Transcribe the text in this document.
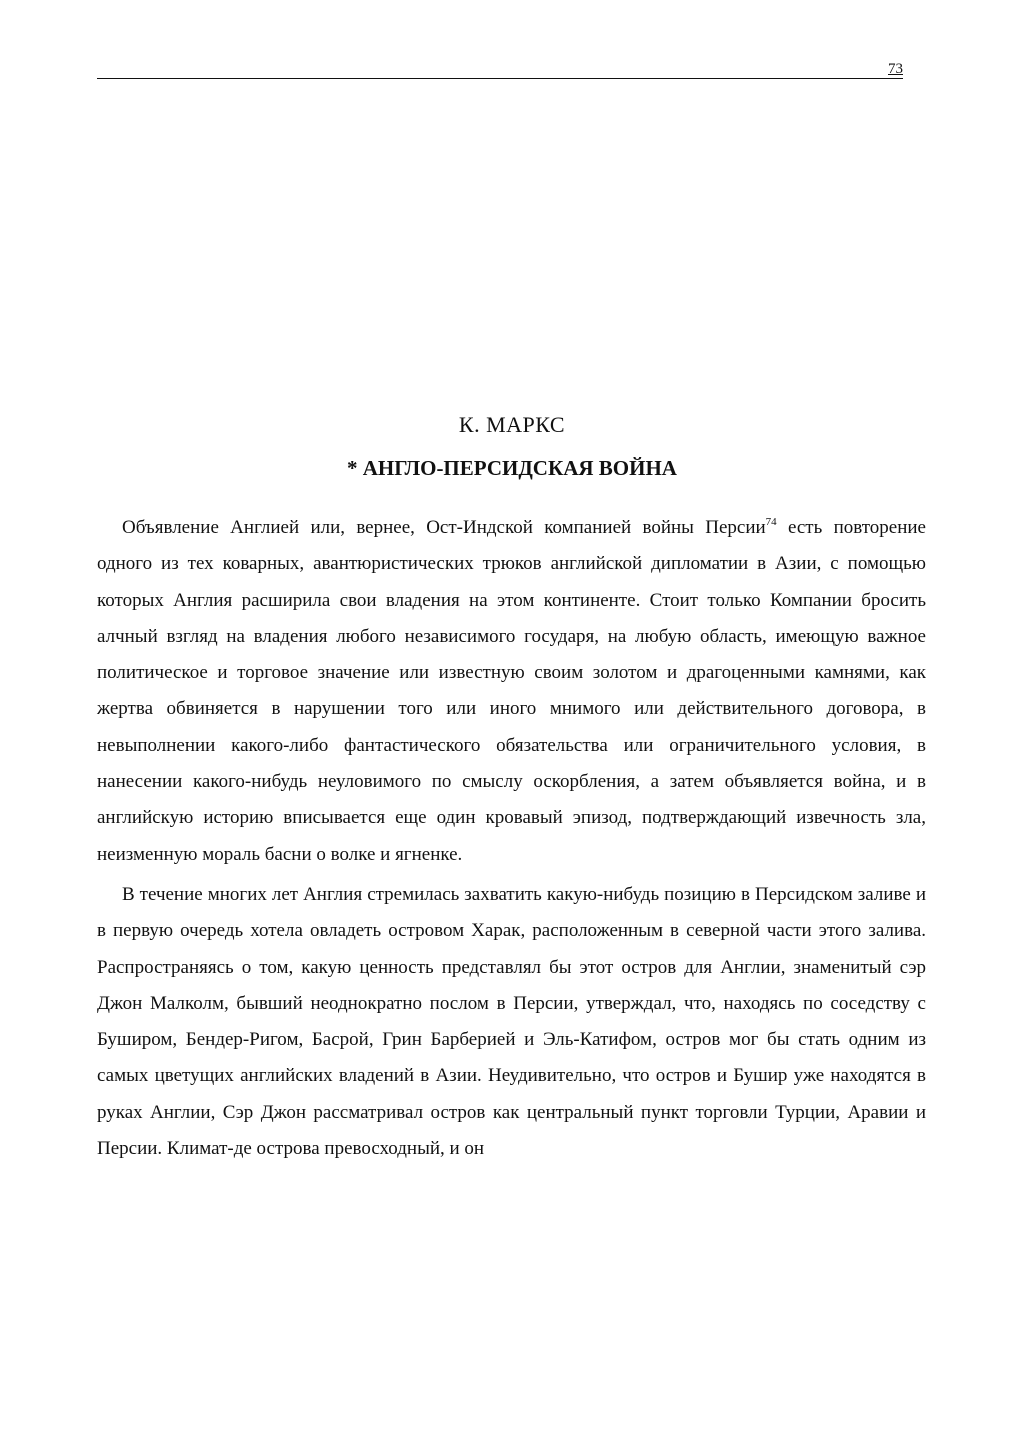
73
К. МАРКС
* АНГЛО-ПЕРСИДСКАЯ ВОЙНА

Объявление Англией или, вернее, Ост-Индской компанией войны Персии$^{74}$ есть повторение одного из тех коварных, авантюристических трюков английской дипломатии в Азии, с помощью которых Англия расширила свои владения на этом континенте. Стоит только Компании бросить алчный взгляд на владения любого независимого государя, на любую область, имеющую важное политическое и торговое значение или известную своим золотом и драгоценными камнями, как жертва обвиняется в нарушении того или иного мнимого или действительного договора, в невыполнении какого-либо фантастического обязательства или ограничительного условия, в нанесении какого-нибудь неуловимого по смыслу оскорбления, а затем объявляется война, и в английскую историю вписывается еще один кровавый эпизод, подтверждающий извечность зла, неизменную мораль басни о волке и ягненке.

В течение многих лет Англия стремилась захватить какую-нибудь позицию в Персидском заливе и в первую очередь хотела овладеть островом Харак, расположенным в северной части этого залива. Распространяясь о том, какую ценность представлял бы этот остров для Англии, знаменитый сэр Джон Малколм, бывший неоднократно послом в Персии, утверждал, что, находясь по соседству с Буширом, Бендер-Ригом, Басрой, Грин Барберией и Эль-Катифом, остров мог бы стать одним из самых цветущих английских владений в Азии. Неудивительно, что остров и Бушир уже находятся в руках Англии, Сэр Джон рассматривал остров как центральный пункт торговли Турции, Аравии и Персии. Климат-де острова превосходный, и он
